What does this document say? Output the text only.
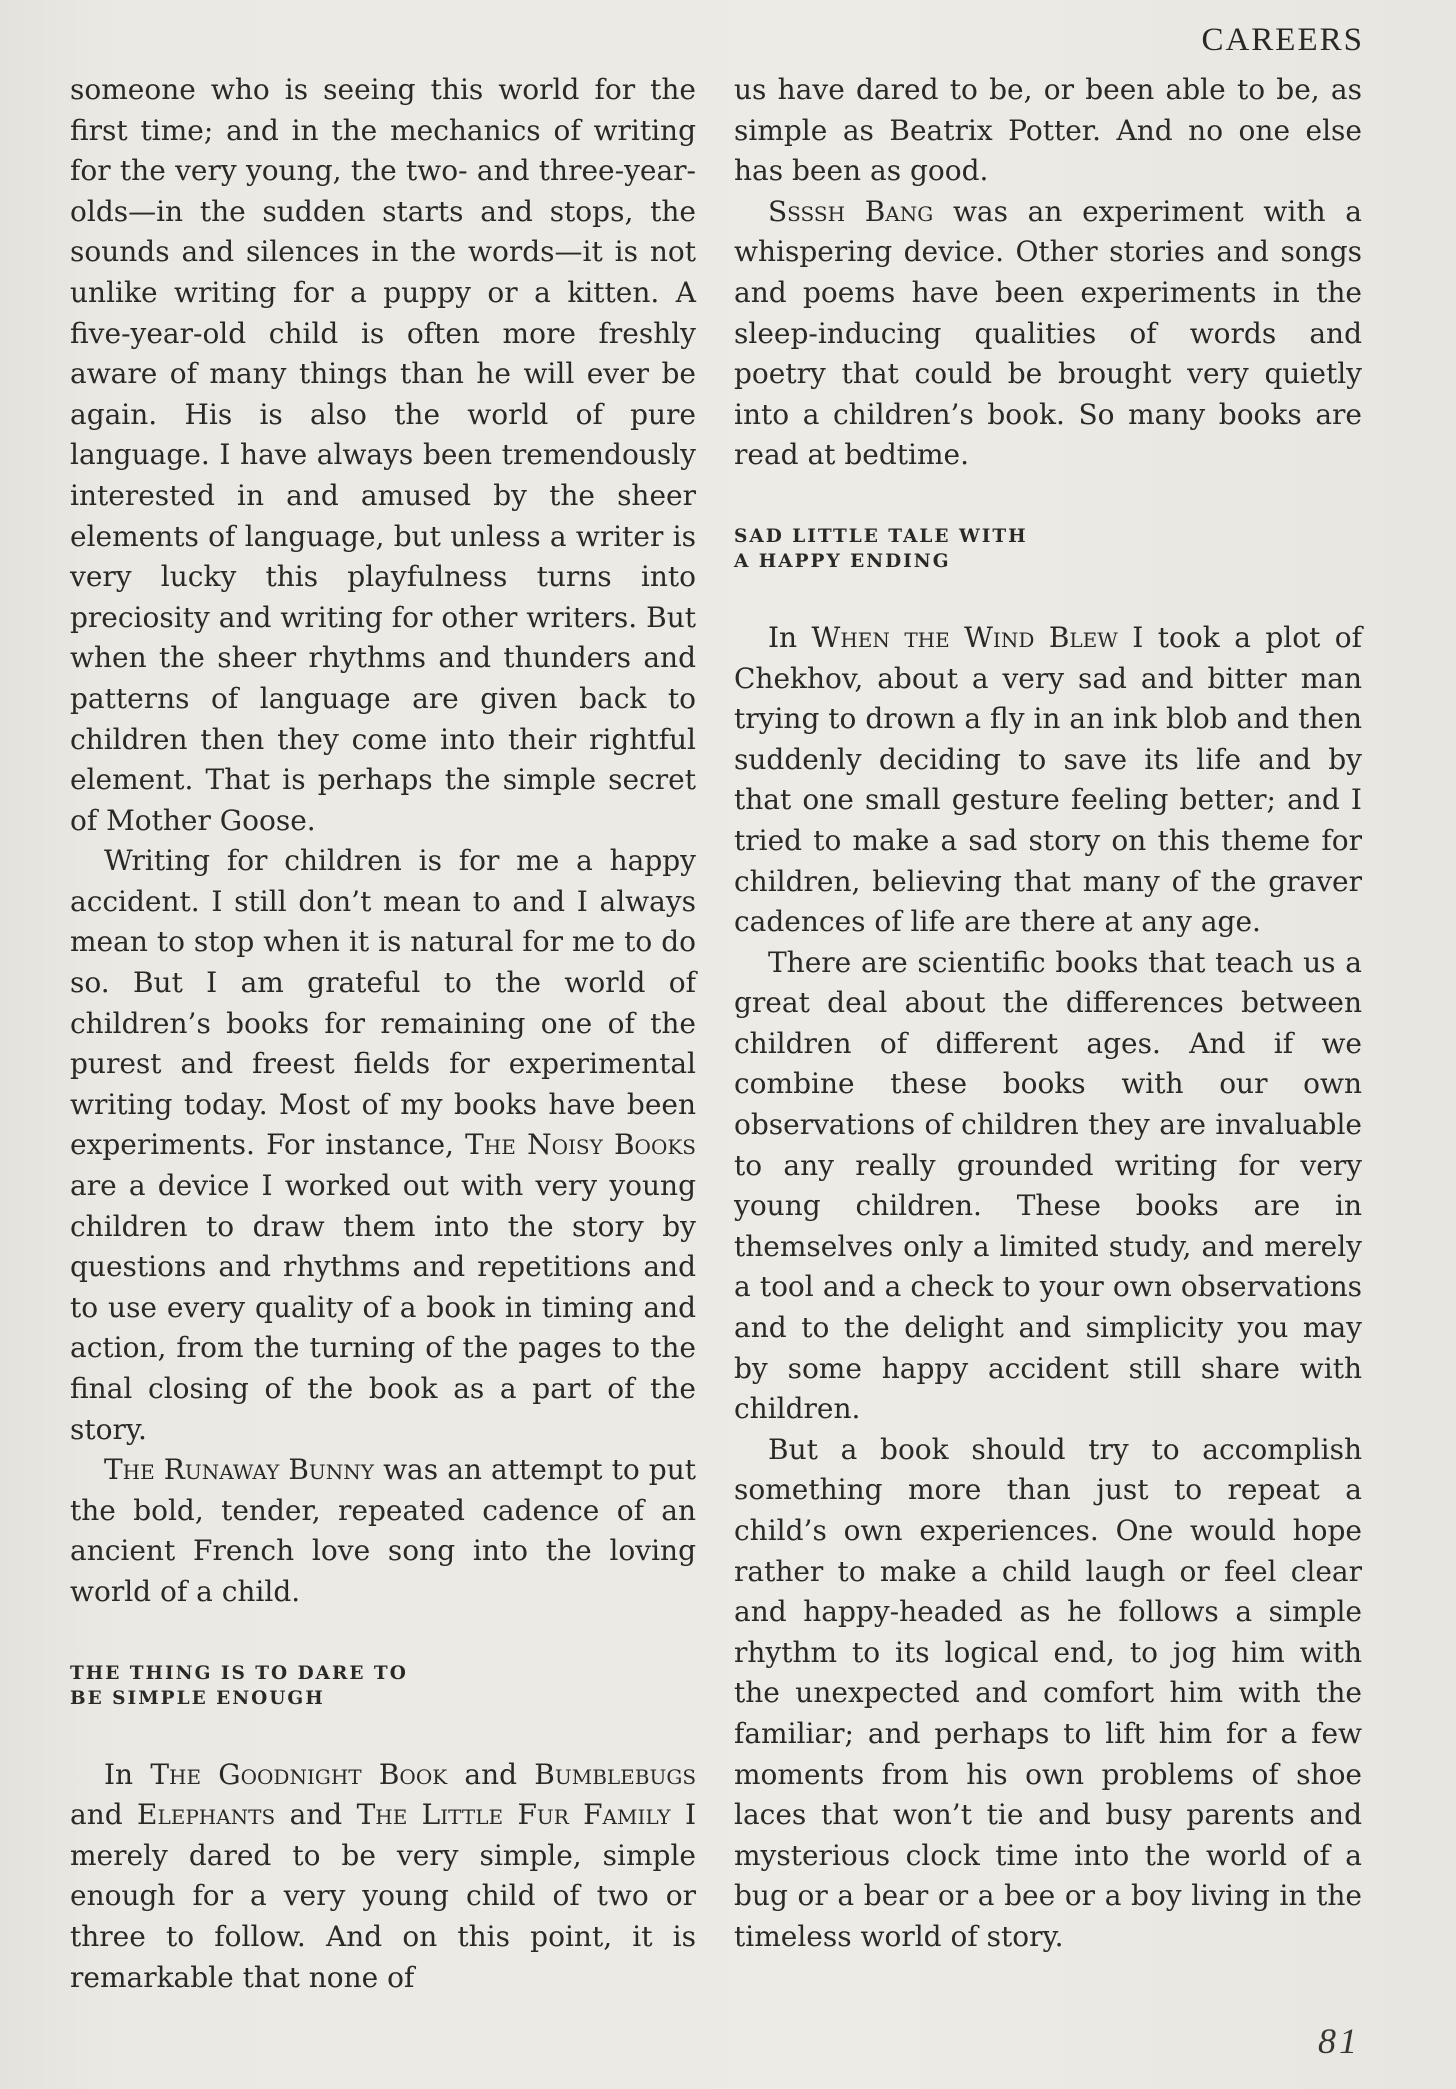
CAREERS

someone who is seeing this world for the first time; and in the mechanics of writing for the very young, the two- and three-year-olds—in the sudden starts and stops, the sounds and silences in the words—it is not unlike writing for a puppy or a kitten. A five-year-old child is often more freshly aware of many things than he will ever be again. His is also the world of pure language. I have always been tremendously interested in and amused by the sheer elements of language, but unless a writer is very lucky this playfulness turns into preciosity and writing for other writers. But when the sheer rhythms and thunders and patterns of language are given back to children then they come into their rightful element. That is perhaps the simple secret of Mother Goose.

Writing for children is for me a happy accident. I still don’t mean to and I always mean to stop when it is natural for me to do so. But I am grateful to the world of children’s books for remaining one of the purest and freest fields for experimental writing today. Most of my books have been experiments. For instance, The Noisy Books are a device I worked out with very young children to draw them into the story by questions and rhythms and repetitions and to use every quality of a book in timing and action, from the turning of the pages to the final closing of the book as a part of the story.

The Runaway Bunny was an attempt to put the bold, tender, repeated cadence of an ancient French love song into the loving world of a child.

THE THING IS TO DARE TO
BE SIMPLE ENOUGH

In The Goodnight Book and Bumblebugs and Elephants and The Little Fur Family I merely dared to be very simple, simple enough for a very young child of two or three to follow. And on this point, it is remarkable that none of

us have dared to be, or been able to be, as simple as Beatrix Potter. And no one else has been as good.

Ssssh Bang was an experiment with a whispering device. Other stories and songs and poems have been experiments in the sleep-inducing qualities of words and poetry that could be brought very quietly into a children’s book. So many books are read at bedtime.

SAD LITTLE TALE WITH
A HAPPY ENDING

In When the Wind Blew I took a plot of Chekhov, about a very sad and bitter man trying to drown a fly in an ink blob and then suddenly deciding to save its life and by that one small gesture feeling better; and I tried to make a sad story on this theme for children, believing that many of the graver cadences of life are there at any age.

There are scientific books that teach us a great deal about the differences between children of different ages. And if we combine these books with our own observations of children they are invaluable to any really grounded writing for very young children. These books are in themselves only a limited study, and merely a tool and a check to your own observations and to the delight and simplicity you may by some happy accident still share with children.

But a book should try to accomplish something more than just to repeat a child’s own experiences. One would hope rather to make a child laugh or feel clear and happy-headed as he follows a simple rhythm to its logical end, to jog him with the unexpected and comfort him with the familiar; and perhaps to lift him for a few moments from his own problems of shoe laces that won’t tie and busy parents and mysterious clock time into the world of a bug or a bear or a bee or a boy living in the timeless world of story.

81
